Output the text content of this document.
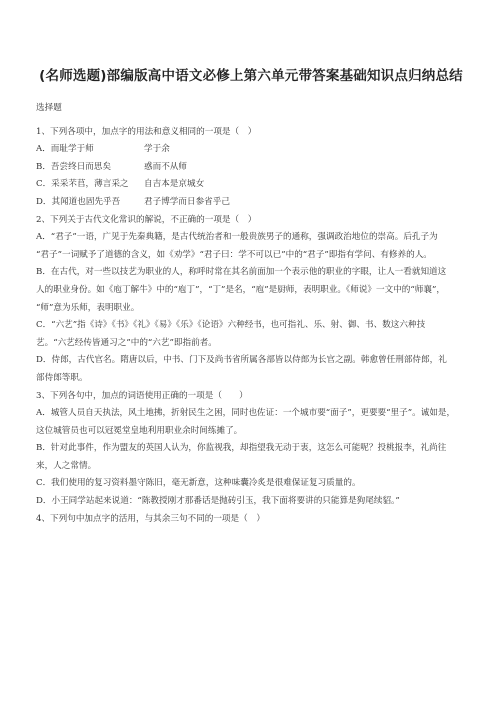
(名师选题)部编版高中语文必修上第六单元带答案基础知识点归纳总结
选择题
1、下列各项中，加点字的用法和意义相同的一项是（　）
A．而耻学于师	学于余
B．吾尝终日而思矣	惑而不从师
C．采采芣苢，薄言采之	自吉本是京城女
D．其闻道也固先乎吾	君子博学而日参省乎己
2、下列关于古代文化常识的解说，不正确的一项是（　）
A．“君子”一语，广见于先秦典籍，是古代统治者和一般贵族男子的通称，强调政治地位的崇高。后孔子为
“君子”一词赋予了道德的含义，如《劝学》“君子曰：学不可以已”中的“君子”即指有学问、有修养的人。
B．在古代，对一些以技艺为职业的人，称呼时常在其名前面加一个表示他的职业的字眼，让人一看就知道这
人的职业身份。如《庖丁解牛》中的“庖丁”，“丁”是名，“庖”是厨师，表明职业。《师说》一文中的“师襄”，
“师”意为乐师，表明职业。
C．“六艺”指《诗》《书》《礼》《易》《乐》《论语》六种经书，也可指礼、乐、射、御、书、数这六种技
艺。“六艺经传皆通习之”中的“六艺”即指前者。
D．侍郎，古代官名。隋唐以后，中书、门下及尚书省所属各部皆以侍郎为长官之副。韩愈曾任刑部侍郎，礼
部侍郎等职。
3、下列各句中，加点的词语使用正确的一项是（　　）
A．城管人员自天执法，风土地拂，折射民生之困，同时也佐证：一个城市要“面子”，更要要“里子”。诚如是，
这位城管员也可以冠冕堂皇地利用职业余时间练摊了。
B．针对此事件，作为盟友的英国人认为，你监视我，却指望我无动于衷，这怎么可能呢？投桃报李，礼尚往
来，人之常情。
C．我们使用的复习资料墨守陈旧，毫无新意，这种味囊冷炙是很难保证复习质量的。
D．小王同学站起来说道：“陈教授刚才那番话是抛砖引玉，我下面将要讲的只能算是狗尾续貂。”
4、下列句中加点字的活用，与其余三句不同的一项是（　）
